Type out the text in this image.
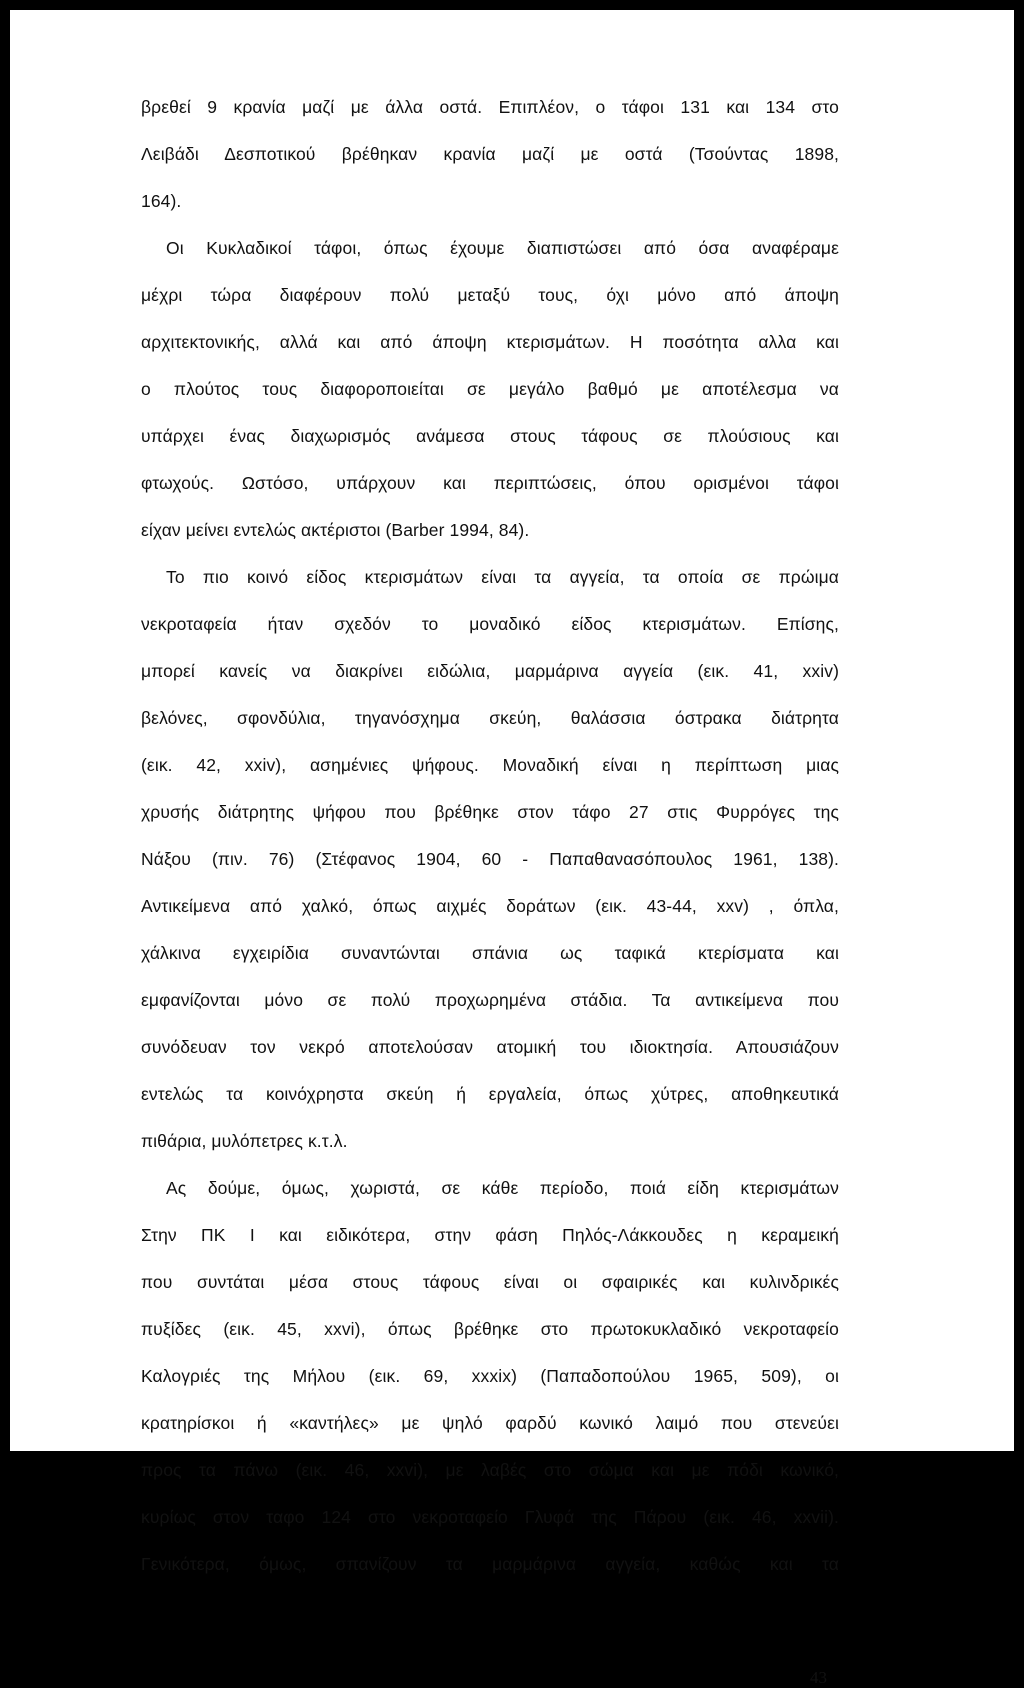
βρεθεί 9 κρανία μαζί με άλλα οστά. Επιπλέον, ο τάφοι 131 και 134 στο
Λειβάδι Δεσποτικού βρέθηκαν κρανία μαζί με οστά (Τσούντας 1898,
164).
Οι Κυκλαδικοί τάφοι, όπως έχουμε διαπιστώσει από όσα αναφέραμε
μέχρι τώρα διαφέρουν πολύ μεταξύ τους, όχι μόνο από άποψη
αρχιτεκτονικής, αλλά και από άποψη κτερισμάτων. Η ποσότητα αλλα και
ο πλούτος τους διαφοροποιείται σε μεγάλο βαθμό με αποτέλεσμα να
υπάρχει ένας διαχωρισμός ανάμεσα στους τάφους σε πλούσιους και
φτωχούς. Ωστόσο, υπάρχουν και περιπτώσεις, όπου ορισμένοι τάφοι
είχαν μείνει εντελώς ακτέριστοι (Barber 1994, 84).
Το πιο κοινό είδος κτερισμάτων είναι τα αγγεία, τα οποία σε πρώιμα
νεκροταφεία ήταν σχεδόν το μοναδικό είδος κτερισμάτων. Επίσης,
μπορεί κανείς να διακρίνει ειδώλια, μαρμάρινα αγγεία (εικ. 41, xxiv)
βελόνες, σφονδύλια, τηγανόσχημα σκεύη, θαλάσσια όστρακα διάτρητα
(εικ. 42, xxiv), ασημένιες ψήφους. Μοναδική είναι η περίπτωση μιας
χρυσής διάτρητης ψήφου που βρέθηκε στον τάφο 27 στις Φυρρόγες της
Νάξου (πιν. 76) (Στέφανος 1904, 60 - Παπαθανασόπουλος 1961, 138).
Αντικείμενα από χαλκό, όπως αιχμές δοράτων (εικ. 43-44, xxv) , όπλα,
χάλκινα εγχειρίδια συναντώνται σπάνια ως ταφικά κτερίσματα και
εμφανίζονται μόνο σε πολύ προχωρημένα στάδια. Τα αντικείμενα που
συνόδευαν τον νεκρό αποτελούσαν ατομική του ιδιοκτησία. Απουσιάζουν
εντελώς τα κοινόχρηστα σκεύη ή εργαλεία, όπως χύτρες, αποθηκευτικά
πιθάρια, μυλόπετρες κ.τ.λ.
Ας δούμε, όμως, χωριστά, σε κάθε περίοδο, ποιά είδη κτερισμάτων
Στην ΠΚ Ι και ειδικότερα, στην φάση Πηλός-Λάκκουδες η κεραμεική
που συντάται μέσα στους τάφους είναι οι σφαιρικές και κυλινδρικές
πυξίδες (εικ. 45, xxvi), όπως βρέθηκε στο πρωτοκυκλαδικό νεκροταφείο
Καλογριές της Μήλου (εικ. 69, xxxix) (Παπαδοπούλου 1965, 509), οι
κρατηρίσκοι ή «καντήλες» με ψηλό φαρδύ κωνικό λαιμό που στενεύει
προς τα πάνω (εικ. 46, xxvi), με λαβές στο σώμα και με πόδι κωνικό,
κυρίως στον ταφο 124 στο νεκροταφείο Γλυφά της Πάρου (εικ. 46, xxvii).
Γενικότερα, όμως, σπανίζουν τα μαρμάρινα αγγεία, καθώς και τα
43
